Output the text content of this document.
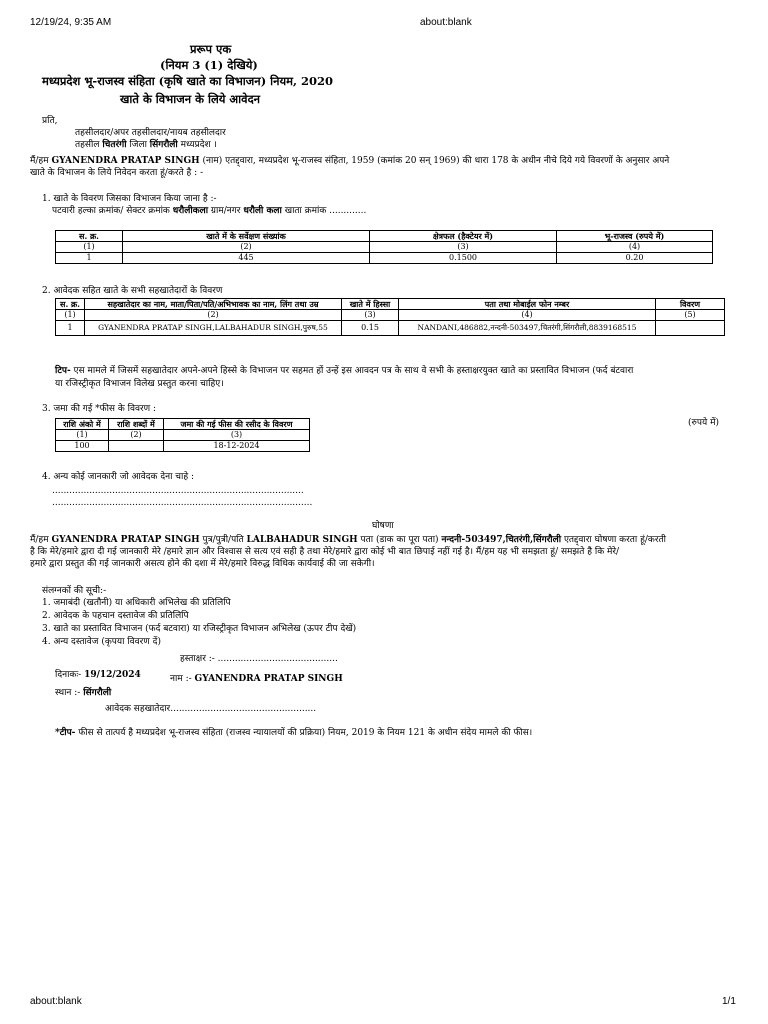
12/19/24, 9:35 AM	about:blank
प्ररूप एक
(नियम 3 (1) देखिये)
मध्यप्रदेश भू-राजस्व संहिता (कृषि खाते का विभाजन) नियम, 2020
खाते के विभाजन के लिये आवेदन
प्रति,
तहसीलदार/अपर तहसीलदार/नायब तहसीलदार
तहसील चितरंगी जिला सिंगरौली मध्यप्रदेश ।
मैं/हम GYANENDRA PRATAP SINGH (नाम) एतद्द्वारा, मध्यप्रदेश भू-राजस्व संहिता, 1959 (कमांक 20 सन् 1969) की धारा 178 के अधीन नीचे दिये गये विवरणों के अनुसार अपने
खाते के विभाजन के लिये निवेदन करता हूं/करते है : -
1. खाते के विवरण जिसका विभाजन किया जाना है :-
पटवारी हल्का क्रमांक/ सेक्टर क्रमांक धरौलीकला ग्राम/नगर धरौली कला खाता क्रमांक .............
स. क्र.	खाते में के सर्वेक्षण संख्यांक	क्षेत्रफल (हैक्टेयर में)	भू-राजस्व (रुपये में)
(1)	(2)	(3)	(4)
1	445	0.1500	0.20
2. आवेदक सहित खाते के सभी सहखातेदारों के विवरण
स. क्र.	सहखातेदार का नाम, माता/पिता/पति/अभिभावक का नाम, लिंग तथा उम्र	खाते में हिस्सा	पता तथा मोबाईल फोन नम्बर	विवरण
(1)	(2)	(3)	(4)	(5)
1	GYANENDRA PRATAP SINGH,LALBAHADUR SINGH,पुरुष,55	0.15	NANDANI,486882,नन्दनी-503497,चितरंगी,सिंगरौली,8839168515	
टिप- एस मामले में जिसमें सहखातेदार अपने-अपने हिस्से के विभाजन पर सहमत हों उन्हें इस आवदन पत्र के साथ वे सभी के हस्ताक्षरयुक्त खाते का प्रस्तावित विभाजन (फर्द बंटवारा
या रजिस्ट्रीकृत विभाजन विलेख प्रस्तुत करना चाहिए।
3. जमा की गई *फीस के विवरण :
(रुपये में)
राशि अंको में	राशि शब्दों में	जमा की गई फीस की रसीद के विवरण
(1)	(2)	(3)
100		18-12-2024
4. अन्य कोई जानकारी जो आवेदक देना चाहे :
........................................................................................
...........................................................................................
घोषणा
मैं/हम GYANENDRA PRATAP SINGH पुत्र/पुत्री/पति LALBAHADUR SINGH पता (डाक का पूरा पता) नन्दनी-503497,चितरंगी,सिंगरौली एतद्द्वारा घोषणा करता हूं/करती
है कि मेरे/हमारे द्वारा दी गई जानकारी मेरे /हमारे ज्ञान और विश्वास से सत्य एवं सही है तथा मेरे/हमारे द्वारा कोई भी बात छिपाई नहीं गई है। मैं/हम यह भी समझता हूं/ समझते है कि मेरे/
हमारे द्वारा प्रस्तुत की गई जानकारी असत्य होने की दशा में मेरे/हमारे विरुद्ध विधिक कार्यवाई की जा सकेगी।
संलग्नकों की सूची:-
1. जमाबंदी (खतौनी) या अधिकारी अभिलेख की प्रतिलिपि
2. आवेदक के पहचान दस्तावेज की प्रतिलिपि
3. खाते का प्रस्तावित विभाजन (फर्द बटवारा) या रजिस्ट्रीकृत विभाजन अभिलेख (ऊपर टीप देखें)
4. अन्य दस्तावेज (कृपया विवरण दें)
हस्ताक्षर :- ..........................................
दिनाकः- 19/12/2024	नाम :- GYANENDRA PRATAP SINGH
स्थान :- सिंगरौली
आवेदक सहखातेदार...................................................
*टीप- फीस से तात्पर्य है मध्यप्रदेश भू-राजस्व संहिता (राजस्व न्यायालयों की प्रक्रिया) नियम, 2019 के नियम 121 के अधीन संदेय मामले की फीस।
about:blank	1/1
